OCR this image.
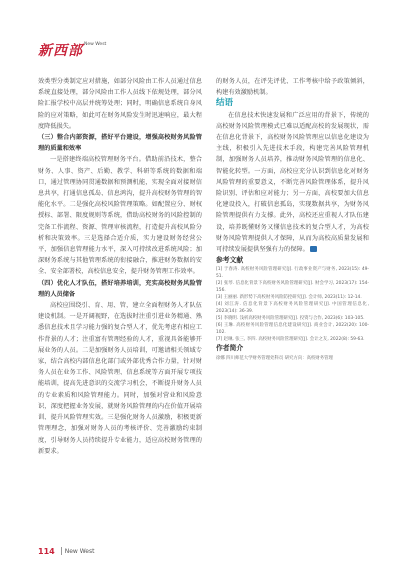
新西部 New West

效类型分类制定应对措施，如部分风险由工作人员通过信息系统直接处理，部分风险由工作人员线下依规处理，部分风险汇报学校中高层并统筹处理；同时，明确信息系统自身风险的应对策略，如此可在财务风险发生时迅速响应，最大程度降低损失。

（三）整合内部资源，搭好平台建设，增强高校财务风险管理的质量和效率

一是搭建终端高校管理财务平台。借助前沿技术，整合财务、人事、资产、后勤、教学、科研等系统的数据和端口，通过管理协同贯通数据和预测机能，实现全面对接财信息共享，打通信息孤岛、信息鸿沟，提升高校财务管理的智能化水平。二是强化高校风险管理策略。如配置应分、财权授标、部署、限度规则等系统，借助高校财务的风险控制的完备工作流程、资源、管理审核流程，打造提升高校风险分析和决策效率。三是选择合适介质，实力建设财务经营公平，加强信息管理能力水平，深入可持续改进系统风险；加深财务系统与其他管理系统的衔接融合，推进财务数据的安全、安全部署校，高校信息安全，提升财务管理工作效率。

（四）优化人才队伍，搭好培养培训，充实高校财务风险管理的人员储备

高校应围绕引、育、用、管，建立全面程财务人才队伍建设机制。一是开阔视野，在选拔时注重引进业务精通、熟悉信息技术且学习能力强的复合型人才，优先考虑有相应工作背景的人才；注重富有管理经验的人才，重视具备能够开展业务的人员。二是加强财务人员培训，可邀请相关领域专家，结合高校内部信息化部门或外部优秀合作力量，针对财务人员在业务工作、风险管理、信息系统等方面开展专项技能培训，提高先进意识的交流学习机会，不断提升财务人员的专业素质和风险管理能力。同时，加强对营业和风险意识，深度把握业务发展，就财务风险管理的内在价值开展培训、提升风险管理实效。三是强化财务人员激励，积极更新管理理念，加强对财务人员的考核评价、完善激励约束制度，引导财务人员持续提升专业能力，适应高校财务管理的新要求。

的财务人员，在评先评优、工作考核中给予政策倾斜，构建有效激励机制。

结语

在信息技术快速发展和广泛应用的背景下，传统的高校财务风险管理模式已难以适配高校的发展现状，需在信息化背景下，高校财务风险管理应以信息化建设为主线，积极引入先进技术手段，构建完善风险管理机制，加强财务人员培养，推动财务风险管理的信息化、智能化转型。一方面，高校应充分认识到信息化对财务风险管理的重要意义，不断完善风险管理体系，提升风险识别、评估和应对能力；另一方面，高校要加大信息化建设投入，打破信息孤岛，实现数据共享，为财务风险管理提供有力支撑。此外，高校还应重视人才队伍建设，培养既懂财务又懂信息技术的复合型人才，为高校财务风险管理提供人才保障，从而为高校高质量发展和可持续发展提供坚强有力的保障。

参考文献

[1] 于春涛. 高校财务风险管理研究[J]. 行政事业资产与财务, 2023(15): 49-51.

[2] 张琴. 信息化背景下高校财务风险管理研究[J]. 财会学习, 2023(17): 154-156.

[3] 王丽丽. 新形势下高校财务风险防控研究[J]. 会计师, 2023(11): 12-14.

[4] 刘江涛. 信息化背景下高校财务风险管理研究[J]. 中国管理信息化, 2023(14): 36-39.

[5] 李晓明. 浅析高校财务风险管理研究[J]. 投资与合作, 2023(6): 103-105.

[6] 王琳. 高校财务风险管理信息化建设研究[J]. 商业会计, 2022(20): 100-102.

[7] 赵琳, 张三, 李四. 高校财务风险管理研究[J]. 会计之友, 2022(8): 59-63.

作者简介

徐娜 四川师范大学财务管理处科员 研究方向：高校财务管理

114 New West
